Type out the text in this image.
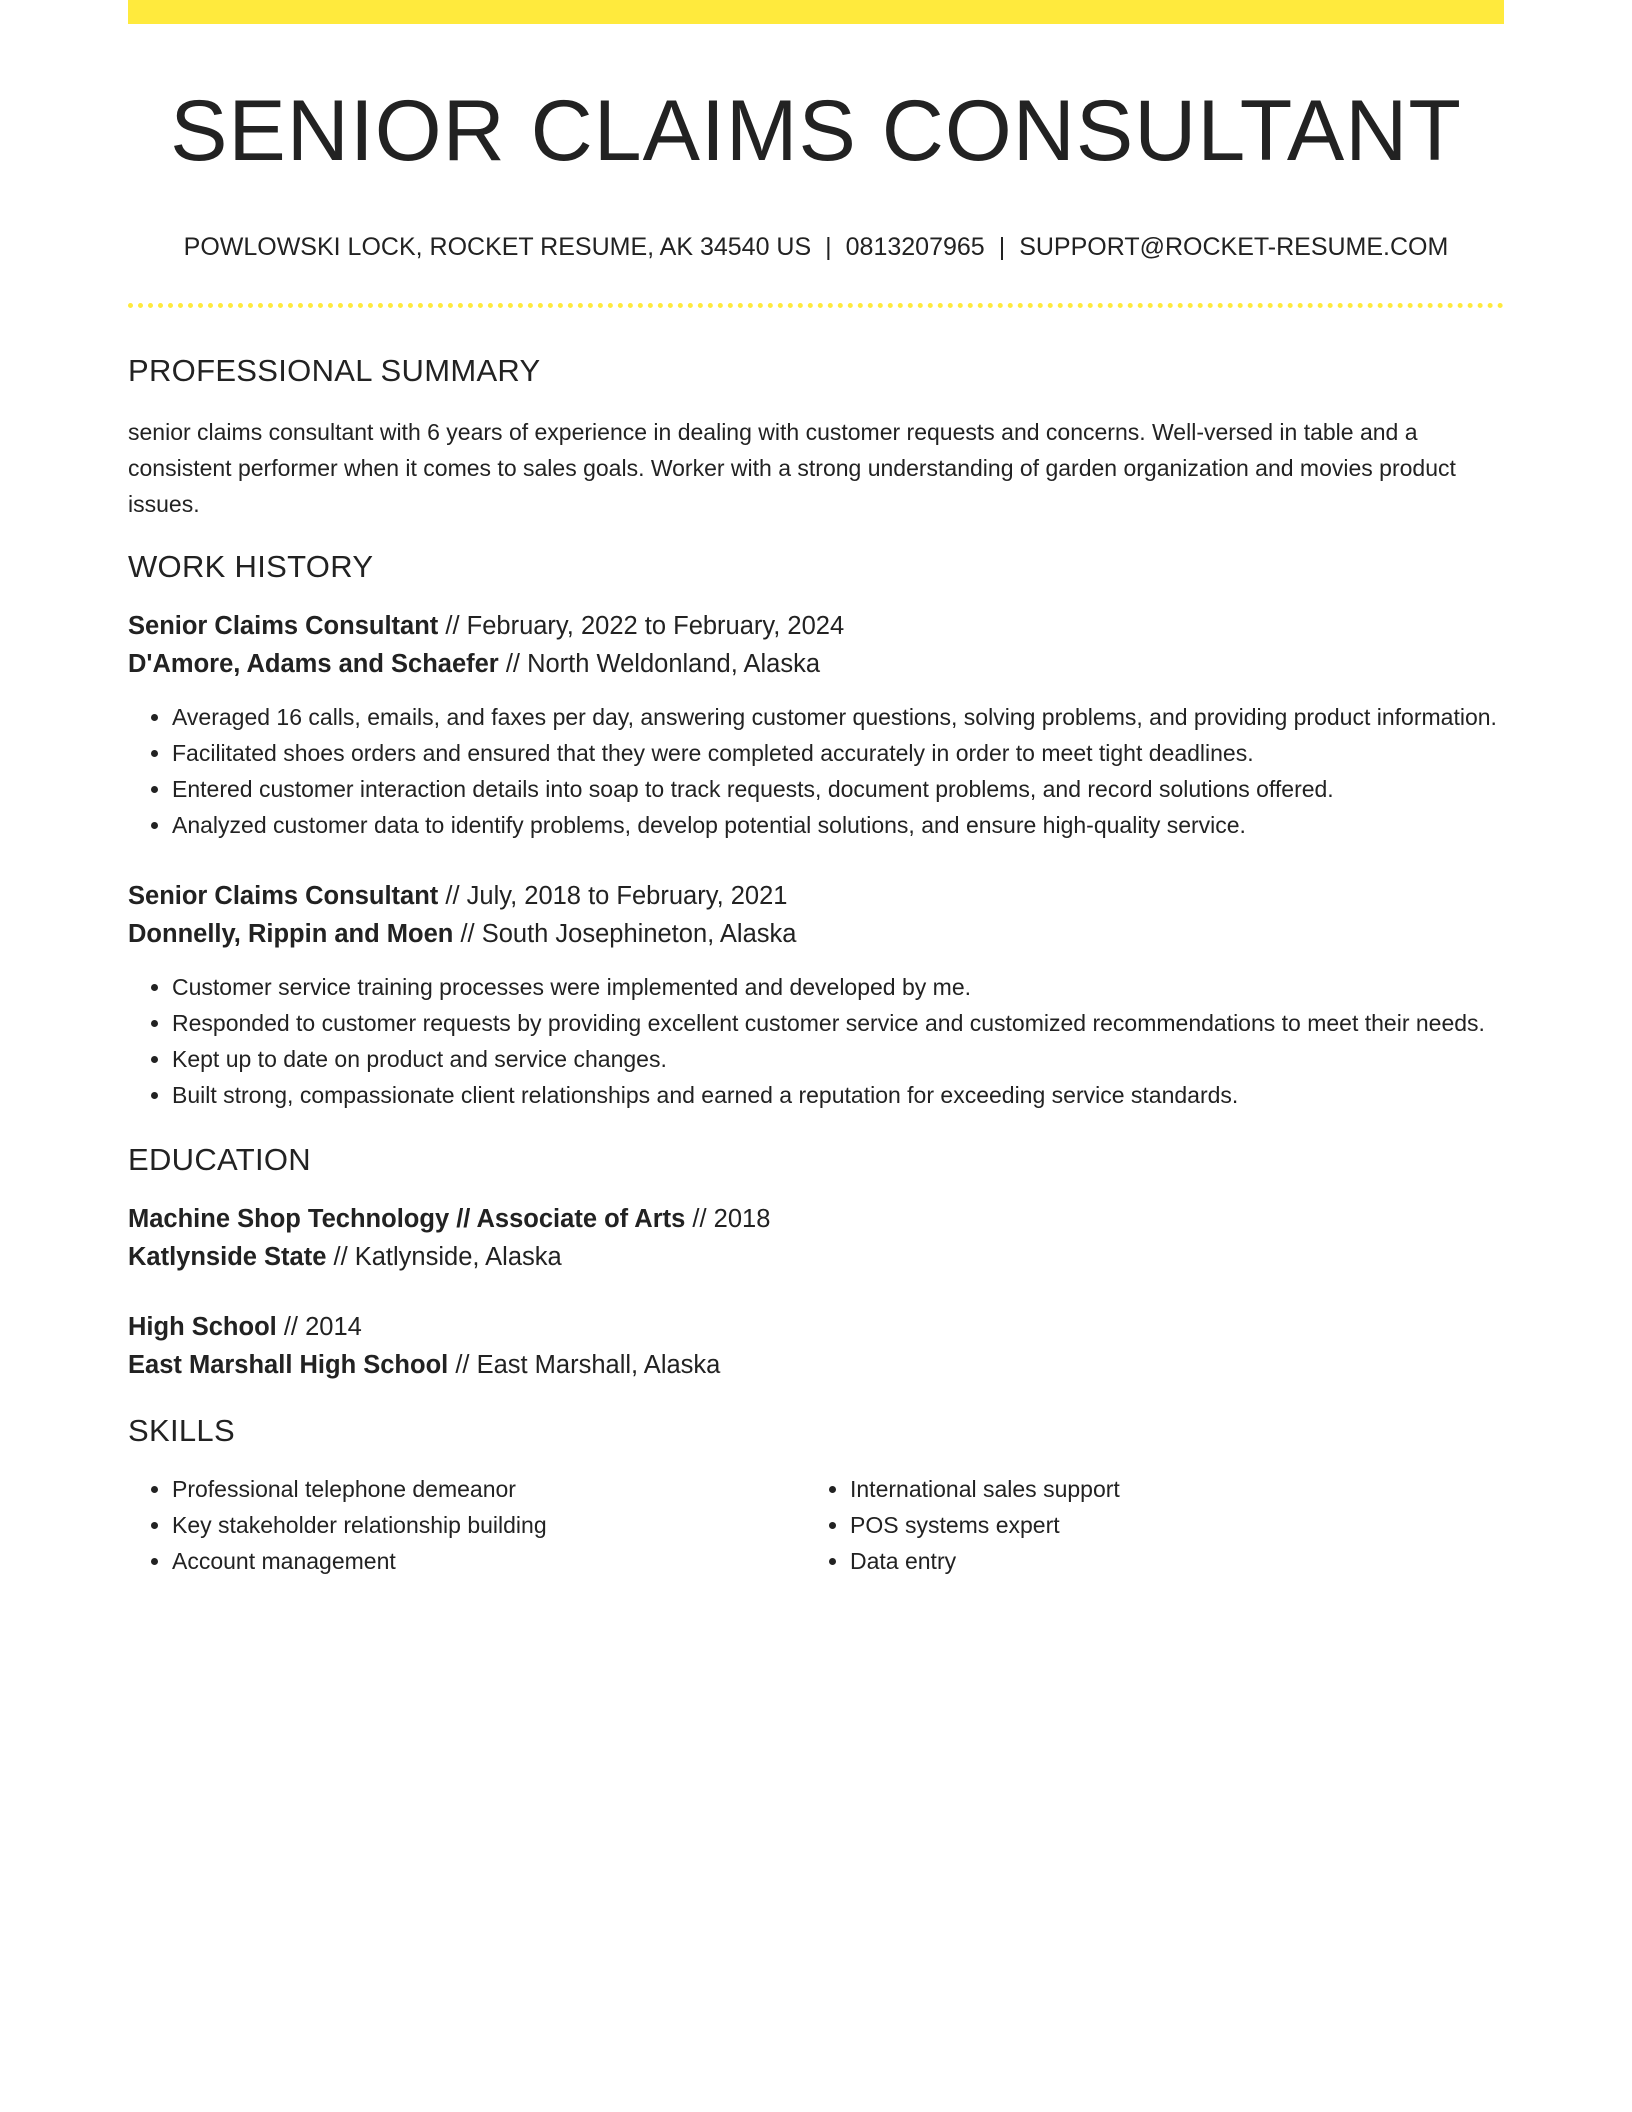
SENIOR CLAIMS CONSULTANT
POWLOWSKI LOCK, ROCKET RESUME, AK 34540 US | 0813207965 | SUPPORT@ROCKET-RESUME.COM
PROFESSIONAL SUMMARY

senior claims consultant with 6 years of experience in dealing with customer requests and concerns. Well-versed in table and a consistent performer when it comes to sales goals. Worker with a strong understanding of garden organization and movies product issues.

WORK HISTORY
Senior Claims Consultant // February, 2022 to February, 2024
D'Amore, Adams and Schaefer // North Weldonland, Alaska
• Averaged 16 calls, emails, and faxes per day, answering customer questions, solving problems, and providing product information.
• Facilitated shoes orders and ensured that they were completed accurately in order to meet tight deadlines.
• Entered customer interaction details into soap to track requests, document problems, and record solutions offered.
• Analyzed customer data to identify problems, develop potential solutions, and ensure high-quality service.
Senior Claims Consultant // July, 2018 to February, 2021
Donnelly, Rippin and Moen // South Josephineton, Alaska
• Customer service training processes were implemented and developed by me.
• Responded to customer requests by providing excellent customer service and customized recommendations to meet their needs.
• Kept up to date on product and service changes.
• Built strong, compassionate client relationships and earned a reputation for exceeding service standards.
EDUCATION
Machine Shop Technology // Associate of Arts // 2018
Katlynside State // Katlynside, Alaska
High School // 2014
East Marshall High School // East Marshall, Alaska
SKILLS
• Professional telephone demeanor
• Key stakeholder relationship building
• Account management
• International sales support
• POS systems expert
• Data entry
